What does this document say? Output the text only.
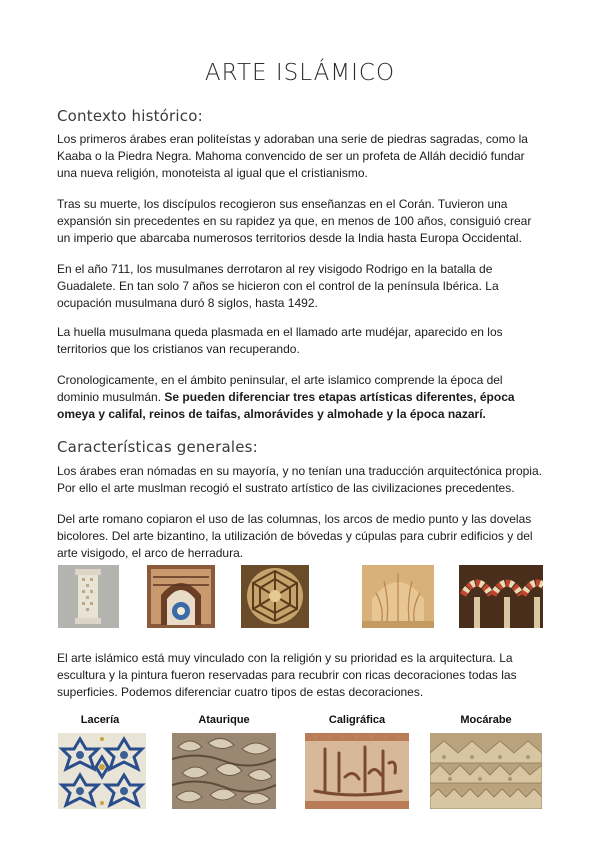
ARTE ISLÁMICO
Contexto histórico:

Los primeros árabes eran politeístas y adoraban una serie de piedras sagradas, como la Kaaba o la Piedra Negra. Mahoma convencido de ser un profeta de Alláh decidió fundar una nueva religión, monoteista al igual que el cristianismo.

Tras su muerte, los discípulos recogieron sus enseñanzas en el Corán. Tuvieron una expansión sin precedentes en su rapidez ya que, en menos de 100 años, consiguió crear un imperio que abarcaba numerosos territorios desde la India hasta Europa Occidental.

En el año 711, los musulmanes derrotaron al rey visigodo Rodrigo en la batalla de Guadalete. En tan solo 7 años se hicieron con el control de la península Ibérica. La ocupación musulmana duró 8 siglos, hasta 1492.

La huella musulmana queda plasmada en el llamado arte mudéjar, aparecido en los territorios que los cristianos van recuperando.

Cronologicamente, en el ámbito peninsular, el arte islamico comprende la época del dominio musulmán. Se pueden diferenciar tres etapas artísticas diferentes, época omeya y califal, reinos de taifas, almorávides y almohade y la época nazarí.

Características generales:

Los árabes eran nómadas en su mayoría, y no tenían una traducción arquitectónica propia. Por ello el arte muslman recogió el sustrato artístico de las civilizaciones precedentes.

Del arte romano copiaron el uso de las columnas, los arcos de medio punto y las dovelas bicolores. Del arte bizantino, la utilización de bóvedas y cúpulas para cubrir edificios y del arte visigodo, el arco de herradura.

El arte islámico está muy vinculado con la religión y su prioridad es la arquitectura. La escultura y la pintura fueron reservadas para recubrir con ricas decoraciones todas las superficies. Podemos diferenciar cuatro tipos de estas decoraciones.

Lacería	Ataurique	Caligráfica	Mocárabe
